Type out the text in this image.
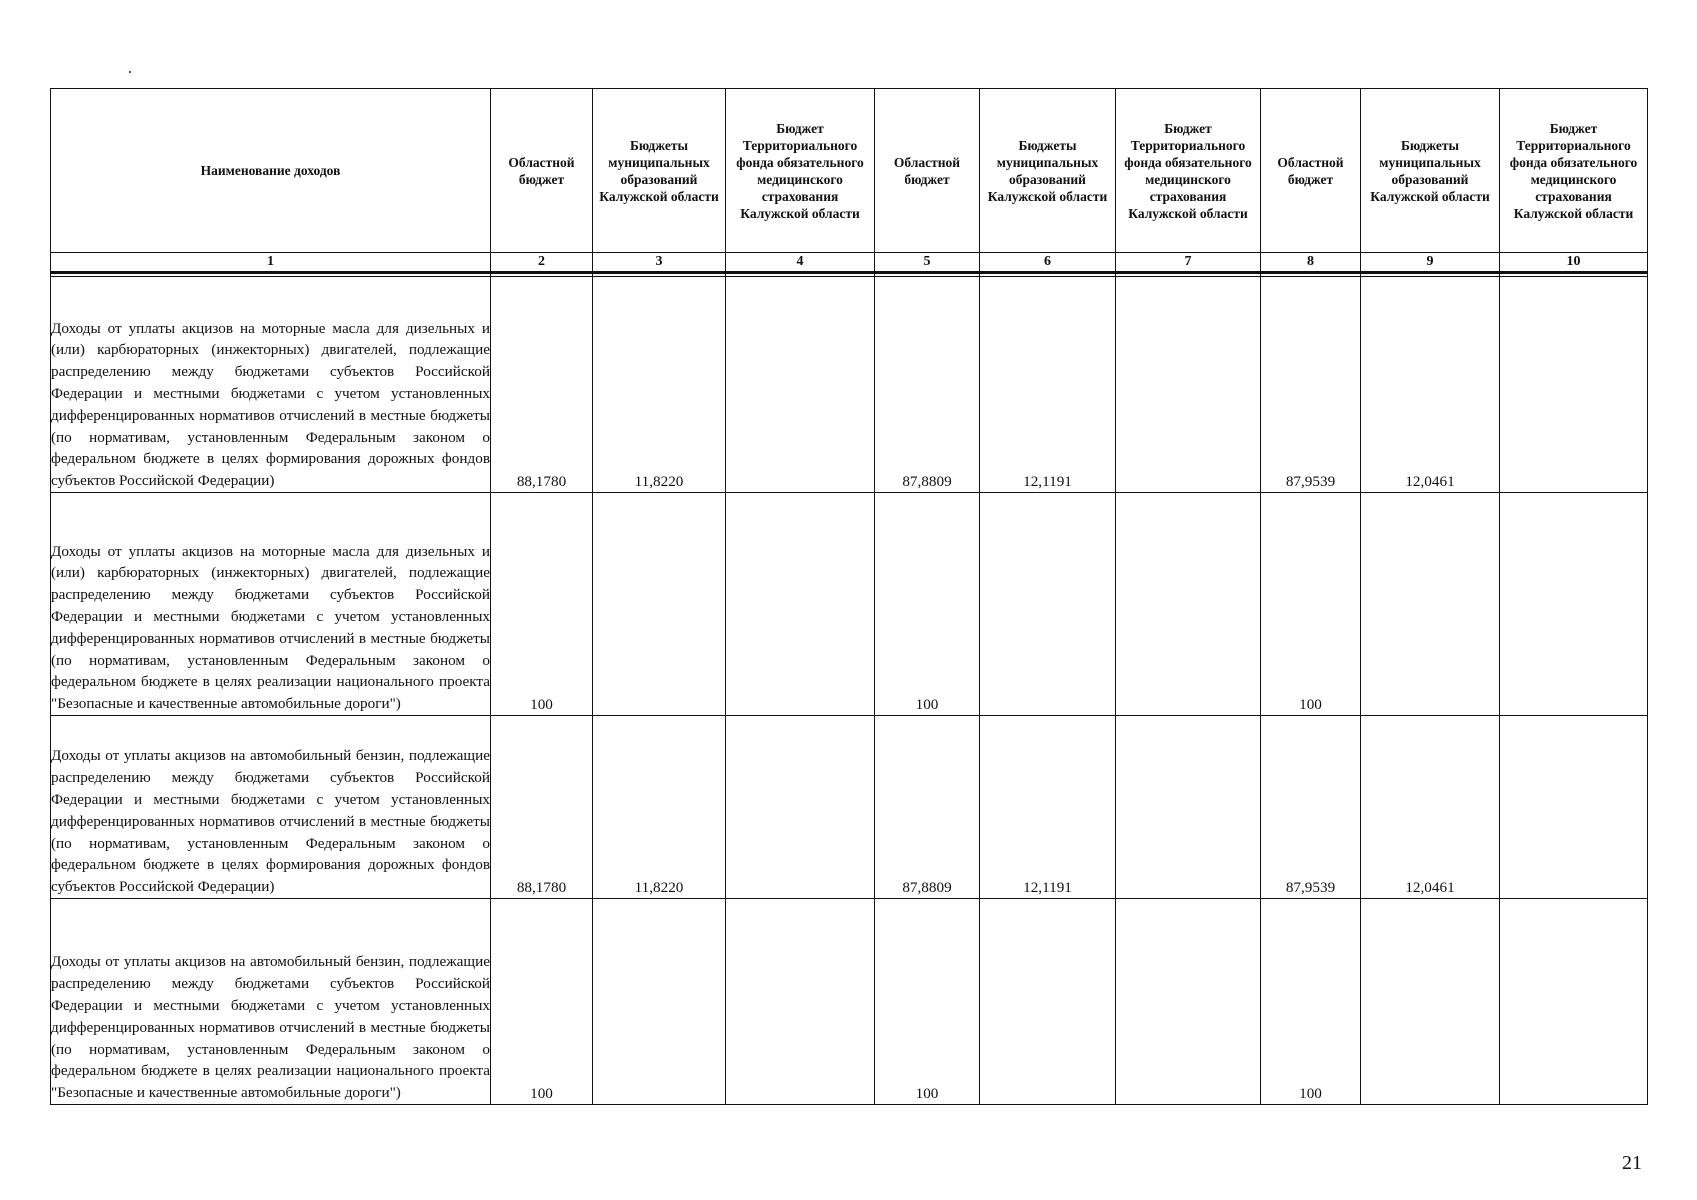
Наименование доходов	Областной бюджет	Бюджеты муниципальных образований Калужской области	Бюджет Территориального фонда обязательного медицинского страхования Калужской области	Областной бюджет	Бюджеты муниципальных образований Калужской области	Бюджет Территориального фонда обязательного медицинского страхования Калужской области	Областной бюджет	Бюджеты муниципальных образований Калужской области	Бюджет Территориального фонда обязательного медицинского страхования Калужской области
1	2	3	4	5	6	7	8	9	10

Доходы от уплаты акцизов на моторные масла для дизельных и (или) карбюраторных (инжекторных) двигателей, подлежащие распределению между бюджетами субъектов Российской Федерации и местными бюджетами с учетом установленных дифференцированных нормативов отчислений в местные бюджеты (по нормативам, установленным Федеральным законом о федеральном бюджете в целях формирования дорожных фондов субъектов Российской Федерации)	88,1780	11,8220		87,8809	12,1191		87,9539	12,0461	
Доходы от уплаты акцизов на моторные масла для дизельных и (или) карбюраторных (инжекторных) двигателей, подлежащие распределению между бюджетами субъектов Российской Федерации и местными бюджетами с учетом установленных дифференцированных нормативов отчислений в местные бюджеты (по нормативам, установленным Федеральным законом о федеральном бюджете в целях реализации национального проекта "Безопасные и качественные автомобильные дороги")	100			100			100		
Доходы от уплаты акцизов на автомобильный бензин, подлежащие распределению между бюджетами субъектов Российской Федерации и местными бюджетами с учетом установленных дифференцированных нормативов отчислений в местные бюджеты (по нормативам, установленным Федеральным законом о федеральном бюджете в целях формирования дорожных фондов субъектов Российской Федерации)	88,1780	11,8220		87,8809	12,1191		87,9539	12,0461	
Доходы от уплаты акцизов на автомобильный бензин, подлежащие распределению между бюджетами субъектов Российской Федерации и местными бюджетами с учетом установленных дифференцированных нормативов отчислений в местные бюджеты (по нормативам, установленным Федеральным законом о федеральном бюджете в целях реализации национального проекта "Безопасные и качественные автомобильные дороги")	100			100			100		
21
